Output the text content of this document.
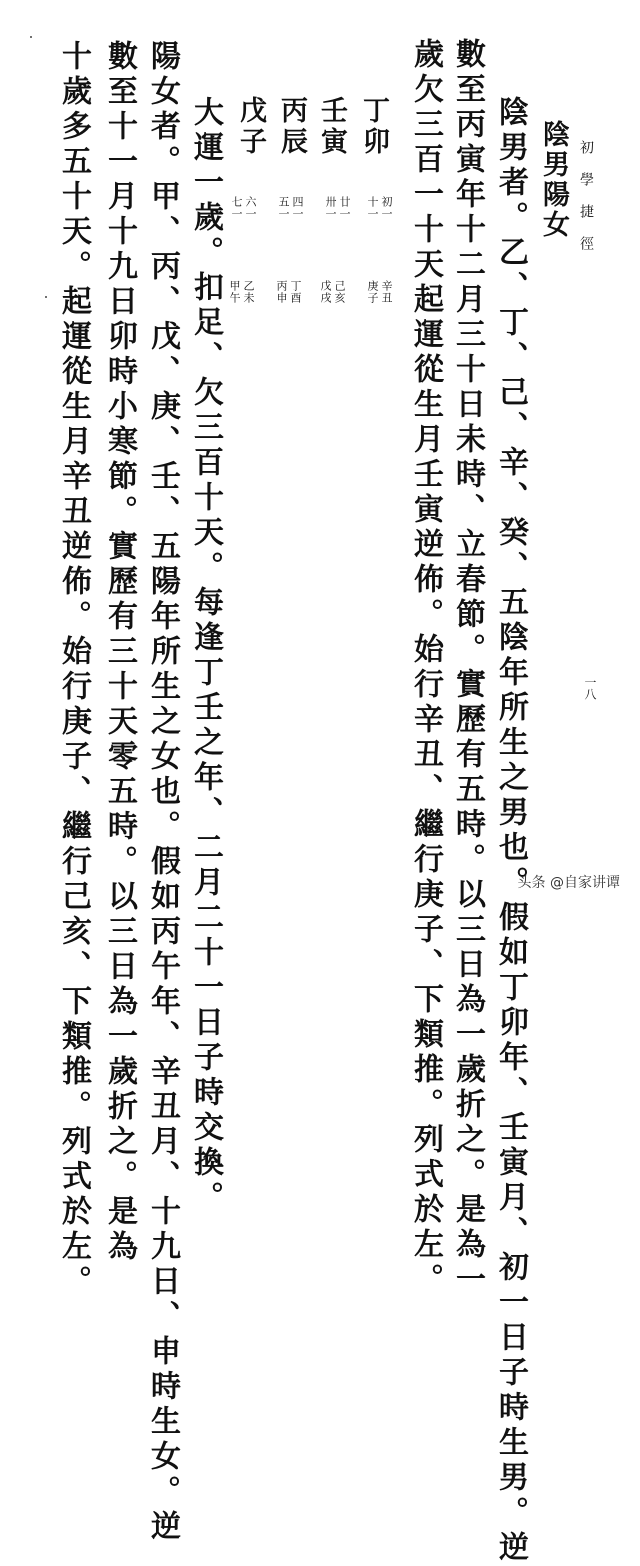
初學捷徑
一八
陰男者。乙、丁、己、辛、癸、五陰年所生之男也。假如丁卯年、壬寅月、初一日子時生男。逆 陰男陽女
數至丙寅年十二月三十日未時、立春節。實歷有五時。以三日為一歲折之。是為一
歲欠三百一十天起運從生月壬寅逆佈。始行辛丑、繼行庚子、下類推。列式於左。
丁卯
壬寅
丙辰
戊子
初一
十一
廿一
卅一
四一
五一
六一
七一
辛丑
庚子
己亥
戊戌
丁酉
丙申
乙未
甲午
大運一歲。扣足、欠三百十天。每逢丁壬之年、二月二十一日子時交換。
陽女者。甲、丙、戊、庚、壬、五陽年所生之女也。假如丙午年、辛丑月、十九日、申時生女。逆
數至十一月十九日卯時小寒節。實歷有三十天零五時。以三日為一歲折之。是為
十歲多五十天。起運從生月辛丑逆佈。始行庚子、繼行己亥、下類推。列式於左。	头条 @自家讲谭
